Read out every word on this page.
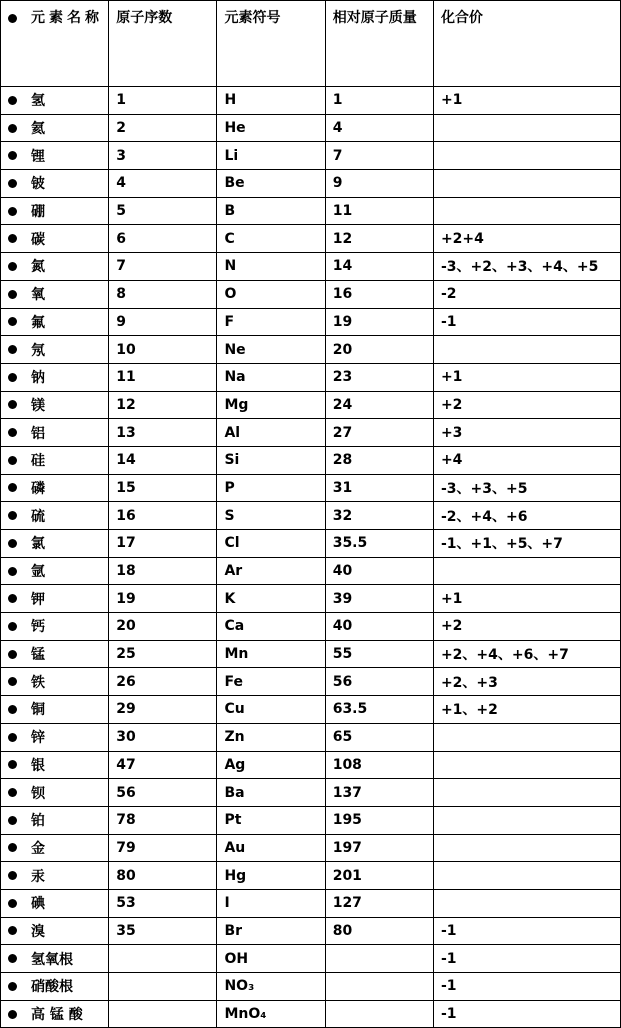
元素名称	原子序数	元素符号	相对原子质量	化合价
氢	1	H	1	+1
氦	2	He	4	
锂	3	Li	7	
铍	4	Be	9	
硼	5	B	11	
碳	6	C	12	+2+4
氮	7	N	14	-3、+2、+3、+4、+5
氧	8	O	16	-2
氟	9	F	19	-1
氖	10	Ne	20	
钠	11	Na	23	+1
镁	12	Mg	24	+2
铝	13	Al	27	+3
硅	14	Si	28	+4
磷	15	P	31	-3、+3、+5
硫	16	S	32	-2、+4、+6
氯	17	Cl	35.5	-1、+1、+5、+7
氩	18	Ar	40	
钾	19	K	39	+1
钙	20	Ca	40	+2
锰	25	Mn	55	+2、+4、+6、+7
铁	26	Fe	56	+2、+3
铜	29	Cu	63.5	+1、+2
锌	30	Zn	65	
银	47	Ag	108	
钡	56	Ba	137	
铂	78	Pt	195	
金	79	Au	197	
汞	80	Hg	201	
碘	53	I	127	
溴	35	Br	80	-1
氢氧根		OH		-1
硝酸根		NO₃		-1
高 锰 酸		MnO₄		-1
